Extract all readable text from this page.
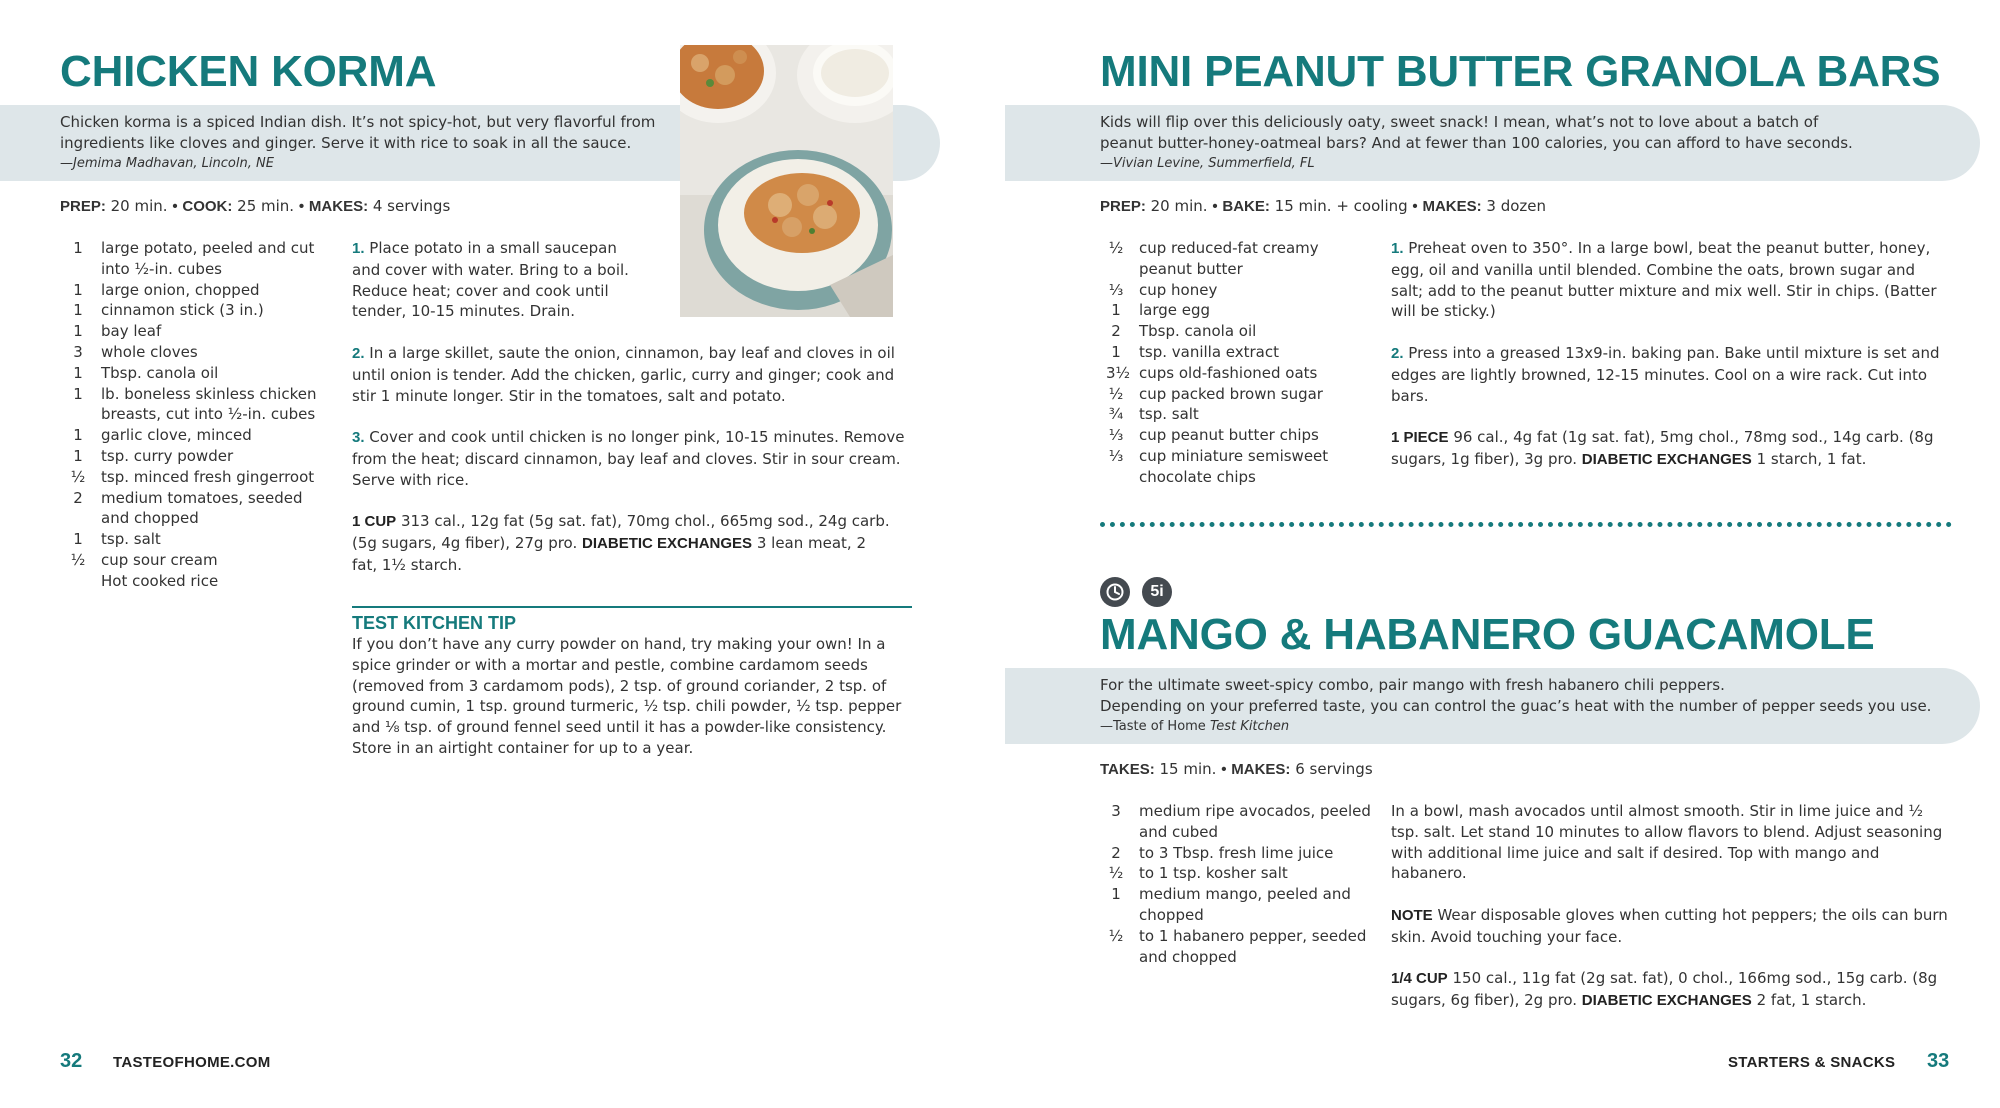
CHICKEN KORMA
Chicken korma is a spiced Indian dish. It’s not spicy-hot, but very flavorful from
ingredients like cloves and ginger. Serve it with rice to soak in all the sauce.
—Jemima Madhavan, Lincoln, NE
PREP: 20 min. • COOK: 25 min. • MAKES: 4 servings
1	large potato, peeled and cut into ½-in. cubes
1	large onion, chopped
1	cinnamon stick (3 in.)
1	bay leaf
3	whole cloves
1	Tbsp. canola oil
1	lb. boneless skinless chicken breasts, cut into ½-in. cubes
1	garlic clove, minced
1	tsp. curry powder
½ tsp. minced fresh gingerroot
2	medium tomatoes, seeded and chopped
1	tsp. salt
½ cup sour cream
Hot cooked rice

1. Place potato in a small saucepan and cover with water. Bring to a boil. Reduce heat; cover and cook until tender, 10-15 minutes. Drain.

2. In a large skillet, saute the onion, cinnamon, bay leaf and cloves in oil until onion is tender. Add the chicken, garlic, curry and ginger; cook and stir 1 minute longer. Stir in the tomatoes, salt and potato.

3. Cover and cook until chicken is no longer pink, 10-15 minutes. Remove from the heat; discard cinnamon, bay leaf and cloves. Stir in sour cream. Serve with rice.

1 CUP 313 cal., 12g fat (5g sat. fat), 70mg chol., 665mg sod., 24g carb. (5g sugars, 4g fiber), 27g pro. DIABETIC EXCHANGES 3 lean meat, 2 fat, 1½ starch.

TEST KITCHEN TIP
If you don’t have any curry powder on hand, try making your own! In a spice grinder or with a mortar and pestle, combine cardamom seeds (removed from 3 cardamom pods), 2 tsp. of ground coriander, 2 tsp. of ground cumin, 1 tsp. ground turmeric, ½ tsp. chili powder, ½ tsp. pepper and ⅛ tsp. of ground fennel seed until it has a powder-like consistency. Store in an airtight container for up to a year.
32 TASTEOFHOME.COM
MINI PEANUT BUTTER GRANOLA BARS
Kids will flip over this deliciously oaty, sweet snack! I mean, what’s not to love about a batch of
peanut butter-honey-oatmeal bars? And at fewer than 100 calories, you can afford to have seconds.
—Vivian Levine, Summerfield, FL
PREP: 20 min. • BAKE: 15 min. + cooling • MAKES: 3 dozen
½ cup reduced-fat creamy peanut butter
⅓ cup honey
1	large egg
2	Tbsp. canola oil
1	tsp. vanilla extract
3½ cups old-fashioned oats
½ cup packed brown sugar
¾ tsp. salt
⅓ cup peanut butter chips
⅓ cup miniature semisweet chocolate chips

1. Preheat oven to 350°. In a large bowl, beat the peanut butter, honey, egg, oil and vanilla until blended. Combine the oats, brown sugar and salt; add to the peanut butter mixture and mix well. Stir in chips. (Batter will be sticky.)

2. Press into a greased 13x9-in. baking pan. Bake until mixture is set and edges are lightly browned, 12-15 minutes. Cool on a wire rack. Cut into bars.

1 PIECE 96 cal., 4g fat (1g sat. fat), 5mg chol., 78mg sod., 14g carb. (8g sugars, 1g fiber), 3g pro. DIABETIC EXCHANGES 1 starch, 1 fat.

5i
MANGO & HABANERO GUACAMOLE
For the ultimate sweet-spicy combo, pair mango with fresh habanero chili peppers.
Depending on your preferred taste, you can control the guac’s heat with the number of pepper seeds you use.
—Taste of Home Test Kitchen
TAKES: 15 min. • MAKES: 6 servings
3	medium ripe avocados, peeled and cubed
2	to 3 Tbsp. fresh lime juice
½ to 1 tsp. kosher salt
1	medium mango, peeled and chopped
½ to 1 habanero pepper, seeded and chopped

In a bowl, mash avocados until almost smooth. Stir in lime juice and ½ tsp. salt. Let stand 10 minutes to allow flavors to blend. Adjust seasoning with additional lime juice and salt if desired. Top with mango and habanero.

NOTE Wear disposable gloves when cutting hot peppers; the oils can burn skin. Avoid touching your face.

1/4 CUP 150 cal., 11g fat (2g sat. fat), 0 chol., 166mg sod., 15g carb. (8g sugars, 6g fiber), 2g pro. DIABETIC EXCHANGES 2 fat, 1 starch.

STARTERS & SNACKS 33
